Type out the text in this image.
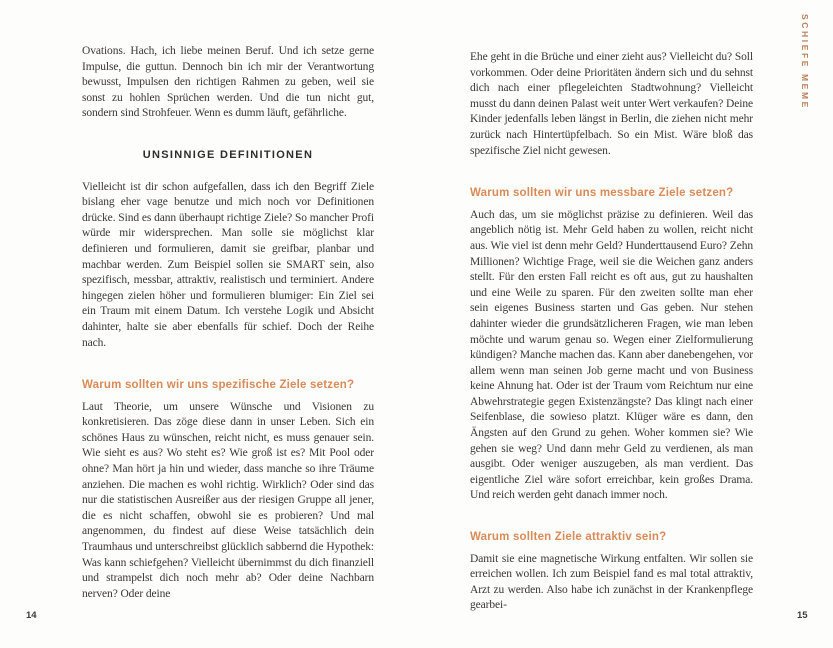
Ovations. Hach, ich liebe meinen Beruf. Und ich setze gerne Impulse, die guttun. Dennoch bin ich mir der Verantwortung bewusst, Impulsen den richtigen Rahmen zu geben, weil sie sonst zu hohlen Sprüchen werden. Und die tun nicht gut, sondern sind Strohfeuer. Wenn es dumm läuft, gefährliche.

UNSINNIGE DEFINITIONEN

Vielleicht ist dir schon aufgefallen, dass ich den Begriff Ziele bislang eher vage benutze und mich noch vor Definitionen drücke. Sind es dann überhaupt richtige Ziele? So mancher Profi würde mir widersprechen. Man solle sie möglichst klar definieren und formulieren, damit sie greifbar, planbar und machbar werden. Zum Beispiel sollen sie SMART sein, also spezifisch, messbar, attraktiv, realistisch und terminiert. Andere hingegen zielen höher und formulieren blumiger: Ein Ziel sei ein Traum mit einem Datum. Ich verstehe Logik und Absicht dahinter, halte sie aber ebenfalls für schief. Doch der Reihe nach.

Warum sollten wir uns spezifische Ziele setzen?

Laut Theorie, um unsere Wünsche und Visionen zu konkretisieren. Das zöge diese dann in unser Leben. Sich ein schönes Haus zu wünschen, reicht nicht, es muss genauer sein. Wie sieht es aus? Wo steht es? Wie groß ist es? Mit Pool oder ohne? Man hört ja hin und wieder, dass manche so ihre Träume anziehen. Die machen es wohl richtig. Wirklich? Oder sind das nur die statistischen Ausreißer aus der riesigen Gruppe all jener, die es nicht schaffen, obwohl sie es probieren? Und mal angenommen, du findest auf diese Weise tatsächlich dein Traumhaus und unterschreibst glücklich sabbernd die Hypothek: Was kann schiefgehen? Vielleicht übernimmst du dich finanziell und strampelst dich noch mehr ab? Oder deine Nachbarn nerven? Oder deine

Ehe geht in die Brüche und einer zieht aus? Vielleicht du? Soll vorkommen. Oder deine Prioritäten ändern sich und du sehnst dich nach einer pflegeleichten Stadtwohnung? Vielleicht musst du dann deinen Palast weit unter Wert verkaufen? Deine Kinder jedenfalls leben längst in Berlin, die ziehen nicht mehr zurück nach Hintertüpfelbach. So ein Mist. Wäre bloß das spezifische Ziel nicht gewesen.

Warum sollten wir uns messbare Ziele setzen?

Auch das, um sie möglichst präzise zu definieren. Weil das angeblich nötig ist. Mehr Geld haben zu wollen, reicht nicht aus. Wie viel ist denn mehr Geld? Hunderttausend Euro? Zehn Millionen? Wichtige Frage, weil sie die Weichen ganz anders stellt. Für den ersten Fall reicht es oft aus, gut zu haushalten und eine Weile zu sparen. Für den zweiten sollte man eher sein eigenes Business starten und Gas geben. Nur stehen dahinter wieder die grundsätzlicheren Fragen, wie man leben möchte und warum genau so. Wegen einer Zielformulierung kündigen? Manche machen das. Kann aber danebengehen, vor allem wenn man seinen Job gerne macht und von Business keine Ahnung hat. Oder ist der Traum vom Reichtum nur eine Abwehrstrategie gegen Existenzängste? Das klingt nach einer Seifenblase, die sowieso platzt. Klüger wäre es dann, den Ängsten auf den Grund zu gehen. Woher kommen sie? Wie gehen sie weg? Und dann mehr Geld zu verdienen, als man ausgibt. Oder weniger auszugeben, als man verdient. Das eigentliche Ziel wäre sofort erreichbar, kein großes Drama. Und reich werden geht danach immer noch.

Warum sollten Ziele attraktiv sein?

Damit sie eine magnetische Wirkung entfalten. Wir sollen sie erreichen wollen. Ich zum Beispiel fand es mal total attraktiv, Arzt zu werden. Also habe ich zunächst in der Krankenpflege gearbei-

SCHIEFE MEME
14	15
